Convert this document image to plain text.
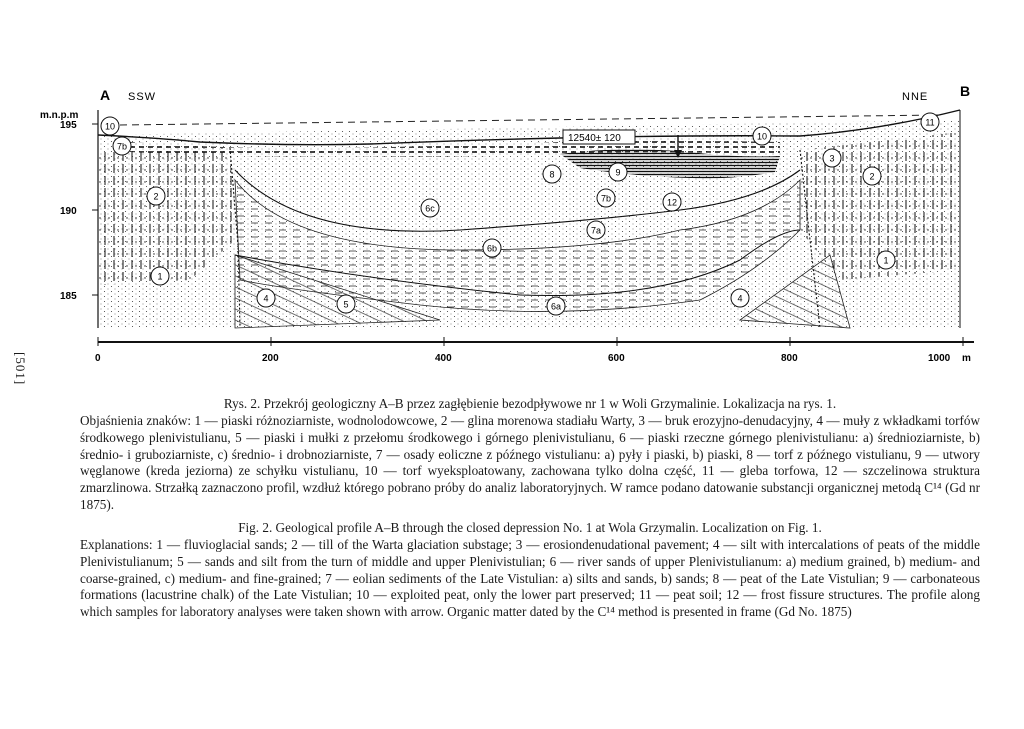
A SSW	NNE B
m.n.p.m
195
190
185
12540± 120
0	200	400	600	800	1000 m
10
7b
2
1
4
5
6c
6b
6a
8	9
7b
7a
12
10
11
3
2
1
4
[501]
Rys. 2. Przekrój geologiczny A–B przez zagłębienie bezodpływowe nr 1 w Woli Grzymalinie. Lokalizacja na rys. 1.
Objaśnienia znaków: 1 — piaski różnoziarniste, wodnolodowcowe, 2 — glina morenowa stadiału Warty, 3 — bruk erozyjno-denudacyjny, 4 — muły z wkładkami torfów środkowego plenivistulianu, 5 — piaski i mułki z przełomu środkowego i górnego plenivistulianu, 6 — piaski rzeczne górnego plenivistulianu: a) średnioziarniste, b) średnio- i gruboziarniste, c) średnio- i drobnoziarniste, 7 — osady eoliczne z późnego vistulianu: a) pyły i piaski, b) piaski, 8 — torf z późnego vistulianu, 9 — utwory węglanowe (kreda jeziorna) ze schyłku vistulianu, 10 — torf wyeksploatowany, zachowana tylko dolna część, 11 — gleba torfowa, 12 — szczelinowa struktura zmarzlinowa. Strzałką zaznaczono profil, wzdłuż którego pobrano próby do analiz laboratoryjnych. W ramce podano datowanie substancji organicznej metodą C¹⁴ (Gd nr 1875).
Fig. 2. Geological profile A–B through the closed depression No. 1 at Wola Grzymalin. Localization on Fig. 1.
Explanations: 1 — fluvioglacial sands; 2 — till of the Warta glaciation substage; 3 — erosiondenudational pavement; 4 — silt with intercalations of peats of the middle Plenivistulianum; 5 — sands and silt from the turn of middle and upper Plenivistulian; 6 — river sands of upper Plenivistulianum: a) medium grained, b) medium- and coarse-grained, c) medium- and fine-grained; 7 — eolian sediments of the Late Vistulian: a) silts and sands, b) sands; 8 — peat of the Late Vistulian; 9 — carbonateous formations (lacustrine chalk) of the Late Vistulian; 10 — exploited peat, only the lower part preserved; 11 — peat soil; 12 — frost fissure structures. The profile along which samples for laboratory analyses were taken shown with arrow. Organic matter dated by the C¹⁴ method is presented in frame (Gd No. 1875)
